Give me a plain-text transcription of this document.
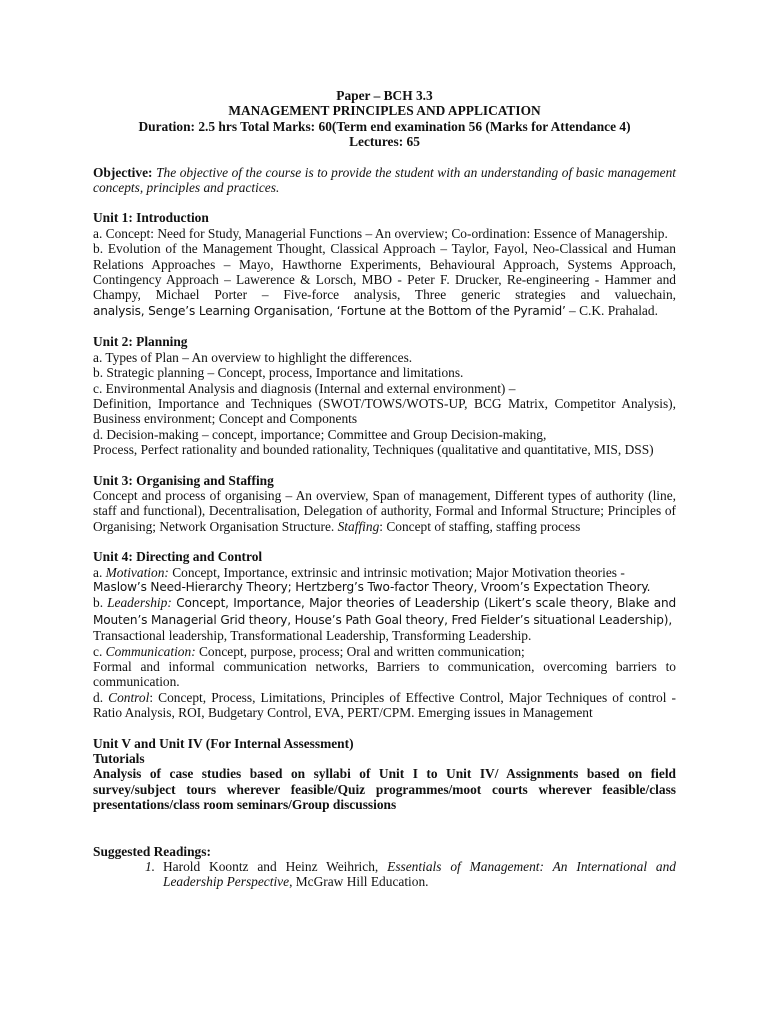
Paper – BCH 3.3
MANAGEMENT PRINCIPLES AND APPLICATION
Duration: 2.5 hrs Total Marks: 60(Term end examination 56 (Marks for Attendance 4)
Lectures: 65
Objective: The objective of the course is to provide the student with an understanding of basic management concepts, principles and practices.
Unit 1: Introduction
a. Concept: Need for Study, Managerial Functions – An overview; Co-ordination: Essence of Managership.
b. Evolution of the Management Thought, Classical Approach – Taylor, Fayol, Neo-Classical and Human Relations Approaches – Mayo, Hawthorne Experiments, Behavioural Approach, Systems Approach, Contingency Approach – Lawerence & Lorsch, MBO - Peter F. Drucker, Re-engineering - Hammer and Champy, Michael Porter – Five-force analysis, Three generic strategies and valuechain,
analysis, Senge’s Learning Organisation, ‘Fortune at the Bottom of the Pyramid’ – C.K. Prahalad.
Unit 2: Planning
a. Types of Plan – An overview to highlight the differences.
b. Strategic planning – Concept, process, Importance and limitations.
c. Environmental Analysis and diagnosis (Internal and external environment) –
Definition, Importance and Techniques (SWOT/TOWS/WOTS-UP, BCG Matrix, Competitor Analysis), Business environment; Concept and Components
d. Decision-making – concept, importance; Committee and Group Decision-making,
Process, Perfect rationality and bounded rationality, Techniques (qualitative and quantitative, MIS, DSS)
Unit 3: Organising and Staffing
Concept and process of organising – An overview, Span of management, Different types of authority (line, staff and functional), Decentralisation, Delegation of authority, Formal and Informal Structure; Principles of Organising; Network Organisation Structure. Staffing: Concept of staffing, staffing process
Unit 4: Directing and Control
a. Motivation: Concept, Importance, extrinsic and intrinsic motivation; Major Motivation theories -
Maslow’s Need-Hierarchy Theory; Hertzberg’s Two-factor Theory, Vroom’s Expectation Theory.
b. Leadership: Concept, Importance, Major theories of Leadership (Likert’s scale theory, Blake and Mouten’s Managerial Grid theory, House’s Path Goal theory, Fred Fielder’s situational Leadership),
Transactional leadership, Transformational Leadership, Transforming Leadership.
c. Communication: Concept, purpose, process; Oral and written communication;
Formal and informal communication networks, Barriers to communication, overcoming barriers to communication.
d. Control: Concept, Process, Limitations, Principles of Effective Control, Major Techniques of control - Ratio Analysis, ROI, Budgetary Control, EVA, PERT/CPM. Emerging issues in Management
Unit V and Unit IV (For Internal Assessment)
Tutorials
Analysis of case studies based on syllabi of Unit I to Unit IV/ Assignments based on field survey/subject tours wherever feasible/Quiz programmes/moot courts wherever feasible/class presentations/class room seminars/Group discussions
Suggested Readings:
1. Harold Koontz and Heinz Weihrich, Essentials of Management: An International and Leadership Perspective, McGraw Hill Education.
